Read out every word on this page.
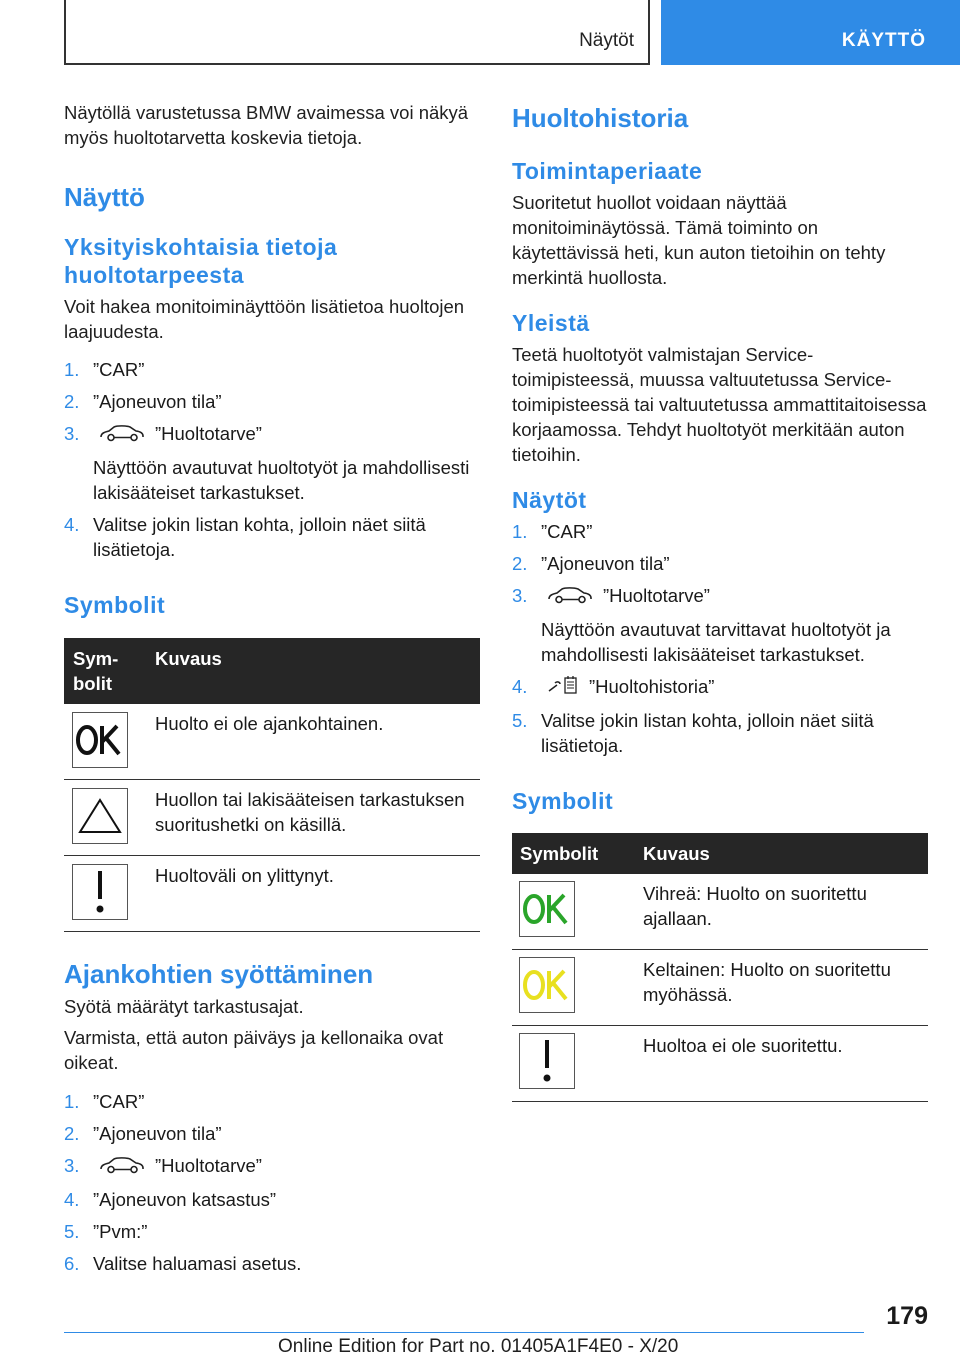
Näytöt	KÄYTTÖ

Näytöllä varustetussa BMW avaimessa voi näkyä myös huoltotarvetta koskevia tietoja.

Näyttö
Yksityiskohtaisia tietoja huoltotarpeesta

Voit hakea monitoiminäyttöön lisätietoa huoltojen laajuudesta.

1. ”CAR”
2. ”Ajoneuvon tila”
3.	”Huoltotarve”
Näyttöön avautuvat huoltotyöt ja mahdollisesti lakisääteiset tarkastukset.
4. Valitse jokin listan kohta, jolloin näet siitä lisätietoja.
Symbolit
Sym-bolit	Kuvaus

	Huolto ei ole ajankohtainen.

	Huollon tai lakisääteisen tarkastuksen suoritushetki on käsillä.

	Huoltoväli on ylittynyt.
Ajankohtien syöttäminen

Syötä määrätyt tarkastusajat.

Varmista, että auton päiväys ja kellonaika ovat oikeat.

1. ”CAR”
2. ”Ajoneuvon tila”
3.	”Huoltotarve”
4. ”Ajoneuvon katsastus”
5. ”Pvm:”
6. Valitse haluamasi asetus.
Huoltohistoria
Toimintaperiaate

Suoritetut huollot voidaan näyttää monitoiminäytössä. Tämä toiminto on käytettävissä heti, kun auton tietoihin on tehty merkintä huollosta.

Yleistä

Teetä huoltotyöt valmistajan Service-toimipisteessä, muussa valtuutetussa Service-toimipisteessä tai valtuutetussa ammattitaitoisessa korjaamossa. Tehdyt huoltotyöt merkitään auton tietoihin.

Näytöt
1. ”CAR”
2. ”Ajoneuvon tila”
3.	”Huoltotarve”
Näyttöön avautuvat tarvittavat huoltotyöt ja mahdollisesti lakisääteiset tarkastukset.
4.	”Huoltohistoria”
5. Valitse jokin listan kohta, jolloin näet siitä lisätietoja.
Symbolit
Symbolit	Kuvaus

	Vihreä: Huolto on suoritettu ajallaan.

	Keltainen: Huolto on suoritettu myöhässä.

	Huoltoa ei ole suoritettu.
179
Online Edition for Part no. 01405A1F4E0 - X/20
